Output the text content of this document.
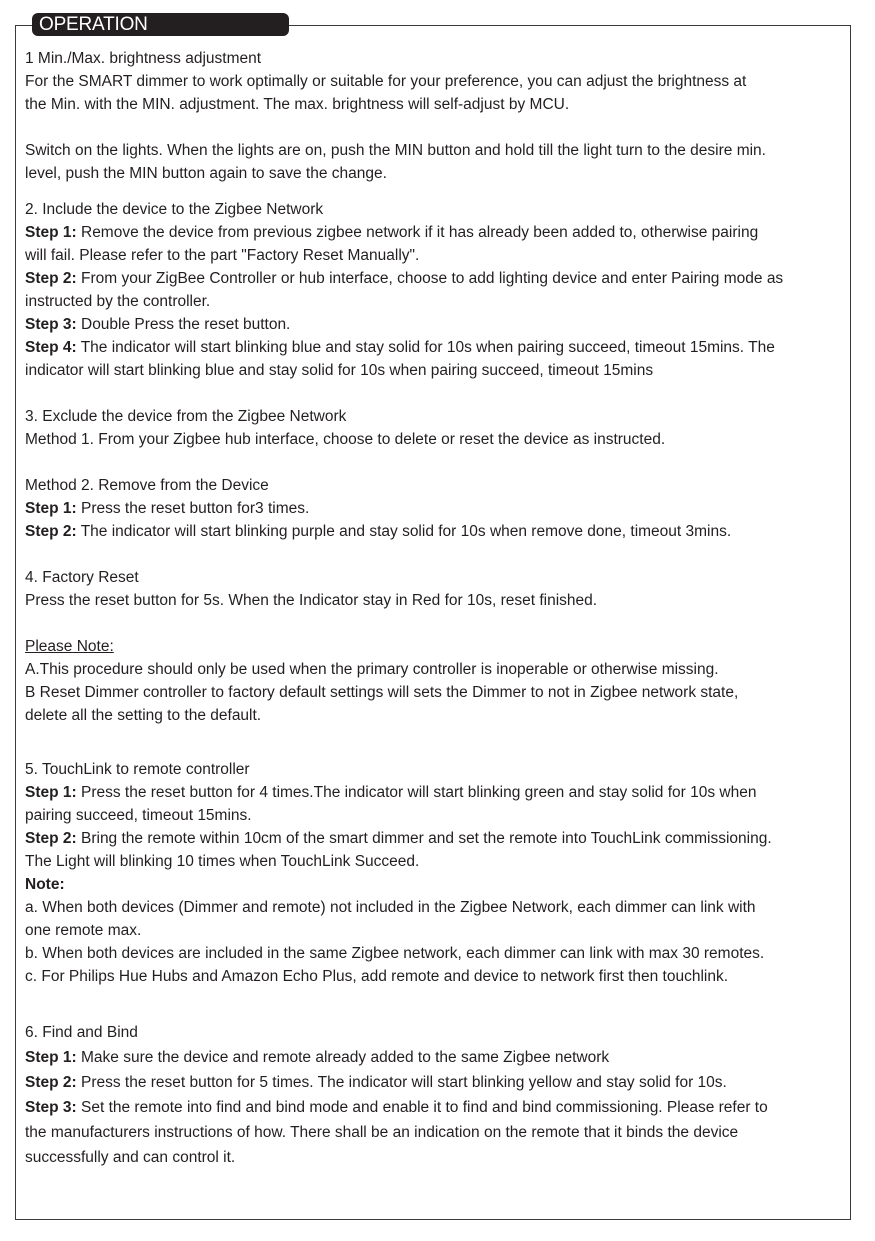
OPERATION
1 Min./Max. brightness adjustment
For the SMART dimmer to work optimally or suitable for your preference, you can adjust the brightness at
the Min. with the MIN. adjustment. The max. brightness will self-adjust by MCU.
Switch on the lights. When the lights are on, push the MIN button and hold till the light turn to the desire min.
level, push the MIN button again to save the change.
2. Include the device to the Zigbee Network
Step 1: Remove the device from previous zigbee network if it has already been added to, otherwise pairing
will fail. Please refer to the part "Factory Reset Manually".
Step 2: From your ZigBee Controller or hub interface, choose to add lighting device and enter Pairing mode as
instructed by the controller.
Step 3: Double Press the reset button.
Step 4: The indicator will start blinking blue and stay solid for 10s when pairing succeed, timeout 15mins. The
indicator will start blinking blue and stay solid for 10s when pairing succeed, timeout 15mins
3. Exclude the device from the Zigbee Network
Method 1. From your Zigbee hub interface, choose to delete or reset the device as instructed.
Method 2. Remove from the Device
Step 1: Press the reset button for3 times.
Step 2: The indicator will start blinking purple and stay solid for 10s when remove done, timeout 3mins.
4. Factory Reset
Press the reset button for 5s. When the Indicator stay in Red for 10s, reset finished.
Please Note:
A.This procedure should only be used when the primary controller is inoperable or otherwise missing.
B Reset Dimmer controller to factory default settings will sets the Dimmer to not in Zigbee network state,
delete all the setting to the default.
5. TouchLink to remote controller
Step 1: Press the reset button for 4 times.The indicator will start blinking green and stay solid for 10s when
pairing succeed, timeout 15mins.
Step 2: Bring the remote within 10cm of the smart dimmer and set the remote into TouchLink commissioning.
The Light will blinking 10 times when TouchLink Succeed.
Note:
a. When both devices (Dimmer and remote) not included in the Zigbee Network, each dimmer can link with
one remote max.
b. When both devices are included in the same Zigbee network, each dimmer can link with max 30 remotes.
c. For Philips Hue Hubs and Amazon Echo Plus, add remote and device to network first then touchlink.
6. Find and Bind
Step 1: Make sure the device and remote already added to the same Zigbee network
Step 2: Press the reset button for 5 times. The indicator will start blinking yellow and stay solid for 10s.
Step 3: Set the remote into find and bind mode and enable it to find and bind commissioning. Please refer to
the manufacturers instructions of how. There shall be an indication on the remote that it binds the device
successfully and can control it.
